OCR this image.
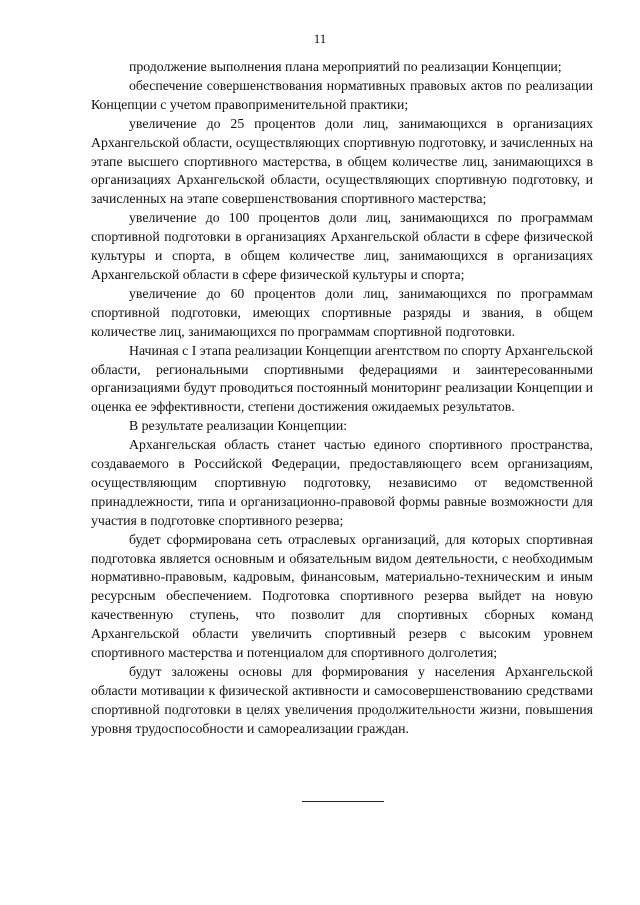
11

продолжение выполнения плана мероприятий по реализации Концепции;

обеспечение совершенствования нормативных правовых актов по реализации Концепции с учетом правоприменительной практики;

увеличение до 25 процентов доли лиц, занимающихся в организациях Архангельской области, осуществляющих спортивную подготовку, и зачисленных на этапе высшего спортивного мастерства, в общем количестве лиц, занимающихся в организациях Архангельской области, осуществляющих спортивную подготовку, и зачисленных на этапе совершенствования спортивного мастерства;

увеличение до 100 процентов доли лиц, занимающихся по программам спортивной подготовки в организациях Архангельской области в сфере физической культуры и спорта, в общем количестве лиц, занимающихся в организациях Архангельской области в сфере физической культуры и спорта;

увеличение до 60 процентов доли лиц, занимающихся по программам спортивной подготовки, имеющих спортивные разряды и звания, в общем количестве лиц, занимающихся по программам спортивной подготовки.

Начиная с I этапа реализации Концепции агентством по спорту Архангельской области, региональными спортивными федерациями и заинтересованными организациями будут проводиться постоянный мониторинг реализации Концепции и оценка ее эффективности, степени достижения ожидаемых результатов.

В результате реализации Концепции:

Архангельская область станет частью единого спортивного пространства, создаваемого в Российской Федерации, предоставляющего всем организациям, осуществляющим спортивную подготовку, независимо от ведомственной принадлежности, типа и организационно-правовой формы равные возможности для участия в подготовке спортивного резерва;

будет сформирована сеть отраслевых организаций, для которых спортивная подготовка является основным и обязательным видом деятельности, с необходимым нормативно-правовым, кадровым, финансовым, материально-техническим и иным ресурсным обеспечением. Подготовка спортивного резерва выйдет на новую качественную ступень, что позволит для спортивных сборных команд Архангельской области увеличить спортивный резерв с высоким уровнем спортивного мастерства и потенциалом для спортивного долголетия;

будут заложены основы для формирования у населения Архангельской области мотивации к физической активности и самосовершенствованию средствами спортивной подготовки в целях увеличения продолжительности жизни, повышения уровня трудоспособности и самореализации граждан.
